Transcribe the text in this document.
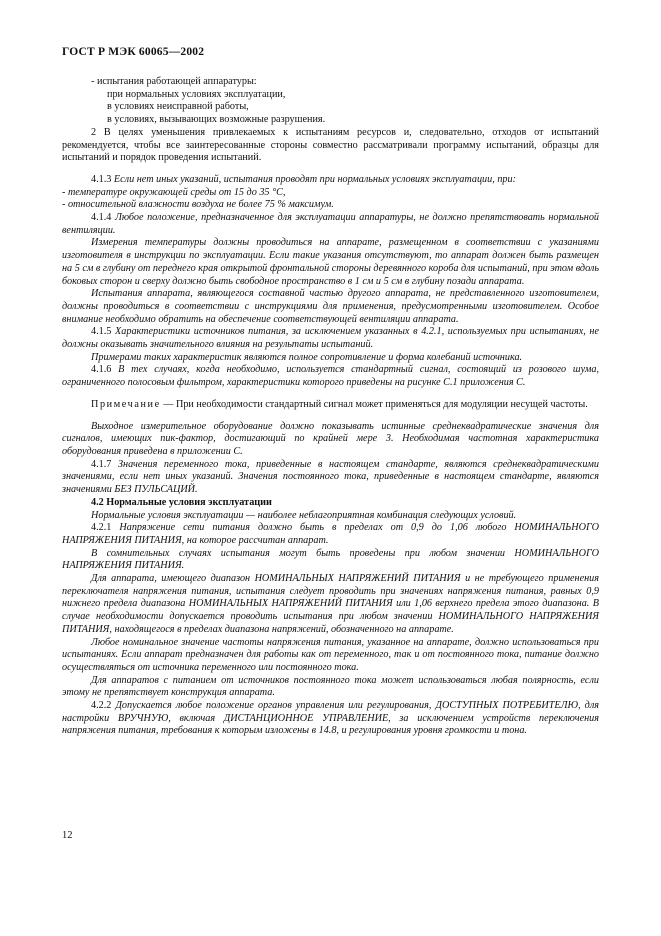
ГОСТ Р МЭК 60065—2002

- испытания работающей аппаратуры:

при нормальных условиях эксплуатации,

в условиях неисправной работы,

в условиях, вызывающих возможные разрушения.

2 В целях уменьшения привлекаемых к испытаниям ресурсов и, следовательно, отходов от испытаний рекомендуется, чтобы все заинтересованные стороны совместно рассматривали программу испытаний, образцы для испытаний и порядок проведения испытаний.

4.1.3 Если нет иных указаний, испытания проводят при нормальных условиях эксплуатации, при:

- температуре окружающей среды от 15 до 35 °С,

- относительной влажности воздуха не более 75 % максимум.

4.1.4 Любое положение, предназначенное для эксплуатации аппаратуры, не должно препятствовать нормальной вентиляции.

Измерения температуры должны проводиться на аппарате, размещенном в соответствии с указаниями изготовителя в инструкции по эксплуатации. Если такие указания отсутствуют, то аппарат должен быть размещен на 5 см в глубину от переднего края открытой фронтальной стороны деревянного короба для испытаний, при этом вдоль боковых сторон и сверху должно быть свободное пространство в 1 см и 5 см в глубину позади аппарата.

Испытания аппарата, являющегося составной частью другого аппарата, не представленного изготовителем, должны проводиться в соответствии с инструкциями для применения, предусмотренными изготовителем. Особое внимание необходимо обратить на обеспечение соответствующей вентиляции аппарата.

4.1.5 Характеристики источников питания, за исключением указанных в 4.2.1, используемых при испытаниях, не должны оказывать значительного влияния на результаты испытаний.

Примерами таких характеристик являются полное сопротивление и форма колебаний источника.

4.1.6 В тех случаях, когда необходимо, используется стандартный сигнал, состоящий из розового шума, ограниченного полосовым фильтром, характеристики которого приведены на рисунке С.1 приложения С.

Примечание — При необходимости стандартный сигнал может применяться для модуляции несущей частоты.

Выходное измерительное оборудование должно показывать истинные среднеквадратические значения для сигналов, имеющих пик-фактор, достигающий по крайней мере 3. Необходимая частотная характеристика оборудования приведена в приложении С.

4.1.7 Значения переменного тока, приведенные в настоящем стандарте, являются среднеквадратическими значениями, если нет иных указаний. Значения постоянного тока, приведенные в настоящем стандарте, являются значениями БЕЗ ПУЛЬСАЦИЙ.

4.2 Нормальные условия эксплуатации

Нормальные условия эксплуатации — наиболее неблагоприятная комбинация следующих условий.

4.2.1 Напряжение сети питания должно быть в пределах от 0,9 до 1,06 любого НОМИНАЛЬНОГО НАПРЯЖЕНИЯ ПИТАНИЯ, на которое рассчитан аппарат.

В сомнительных случаях испытания могут быть проведены при любом значении НОМИНАЛЬНОГО НАПРЯЖЕНИЯ ПИТАНИЯ.

Для аппарата, имеющего диапазон НОМИНАЛЬНЫХ НАПРЯЖЕНИЙ ПИТАНИЯ и не требующего применения переключателя напряжения питания, испытания следует проводить при значениях напряжения питания, равных 0,9 нижнего предела диапазона НОМИНАЛЬНЫХ НАПРЯЖЕНИЙ ПИТАНИЯ или 1,06 верхнего предела этого диапазона. В случае необходимости допускается проводить испытания при любом значении НОМИНАЛЬНОГО НАПРЯЖЕНИЯ ПИТАНИЯ, находящегося в пределах диапазона напряжений, обозначенного на аппарате.

Любое номинальное значение частоты напряжения питания, указанное на аппарате, должно использоваться при испытаниях. Если аппарат предназначен для работы как от переменного, так и от постоянного тока, питание должно осуществляться от источника переменного или постоянного тока.

Для аппаратов с питанием от источников постоянного тока может использоваться любая полярность, если этому не препятствует конструкция аппарата.

4.2.2 Допускается любое положение органов управления или регулирования, ДОСТУПНЫХ ПОТРЕБИТЕЛЮ, для настройки ВРУЧНУЮ, включая ДИСТАНЦИОННОЕ УПРАВЛЕНИЕ, за исключением устройств переключения напряжения питания, требования к которым изложены в 14.8, и регулирования уровня громкости и тона.

12
